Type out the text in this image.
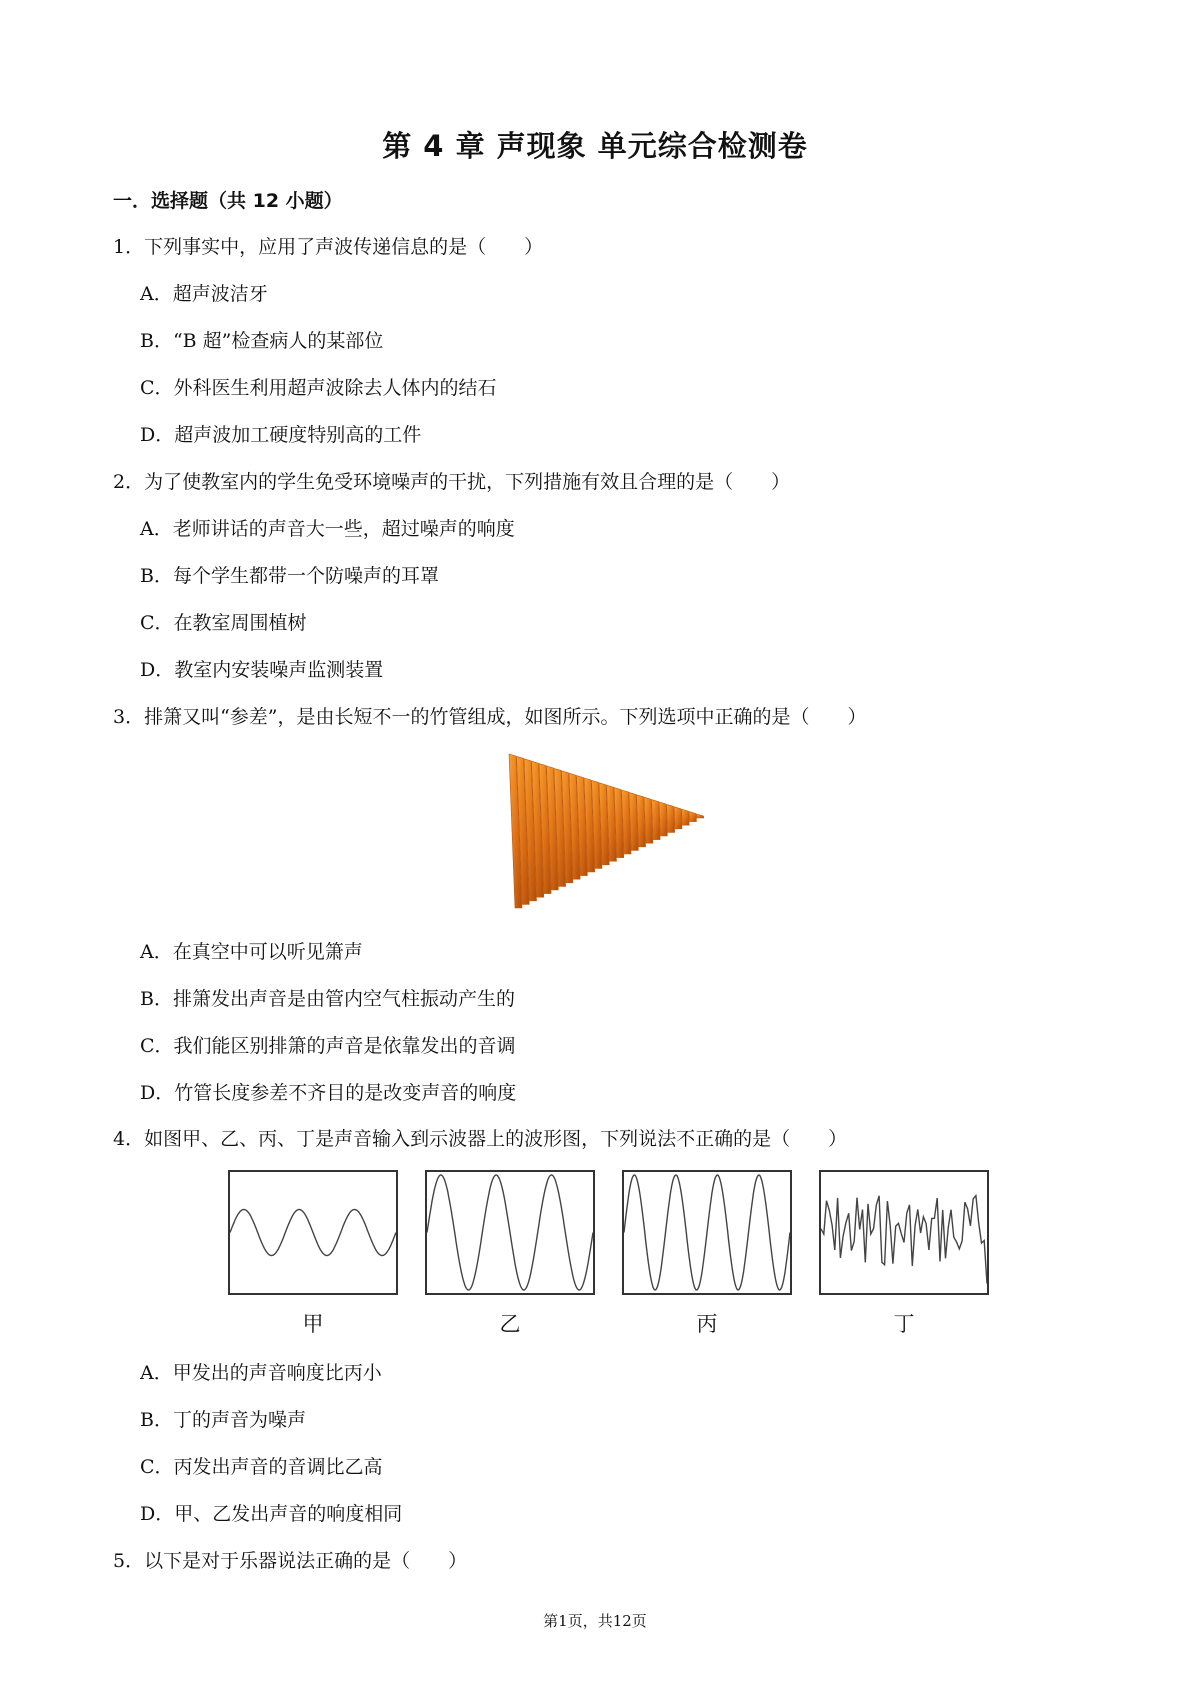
第 4 章 声现象 单元综合检测卷
一．选择题（共 12 小题）
1．下列事实中，应用了声波传递信息的是（　　）
A．超声波洁牙
B．“B 超”检查病人的某部位
C．外科医生利用超声波除去人体内的结石
D．超声波加工硬度特别高的工件
2．为了使教室内的学生免受环境噪声的干扰，下列措施有效且合理的是（　　）
A．老师讲话的声音大一些，超过噪声的响度
B．每个学生都带一个防噪声的耳罩
C．在教室周围植树
D．教室内安装噪声监测装置
3．排箫又叫“参差”，是由长短不一的竹管组成，如图所示。下列选项中正确的是（　　）
A．在真空中可以听见箫声
B．排箫发出声音是由管内空气柱振动产生的
C．我们能区别排箫的声音是依靠发出的音调
D．竹管长度参差不齐目的是改变声音的响度
4．如图甲、乙、丙、丁是声音输入到示波器上的波形图，下列说法不正确的是（　　）
甲	乙	丙	丁
A．甲发出的声音响度比丙小
B．丁的声音为噪声
C．丙发出声音的音调比乙高
D．甲、乙发出声音的响度相同
5．以下是对于乐器说法正确的是（　　）
第1页，共12页
